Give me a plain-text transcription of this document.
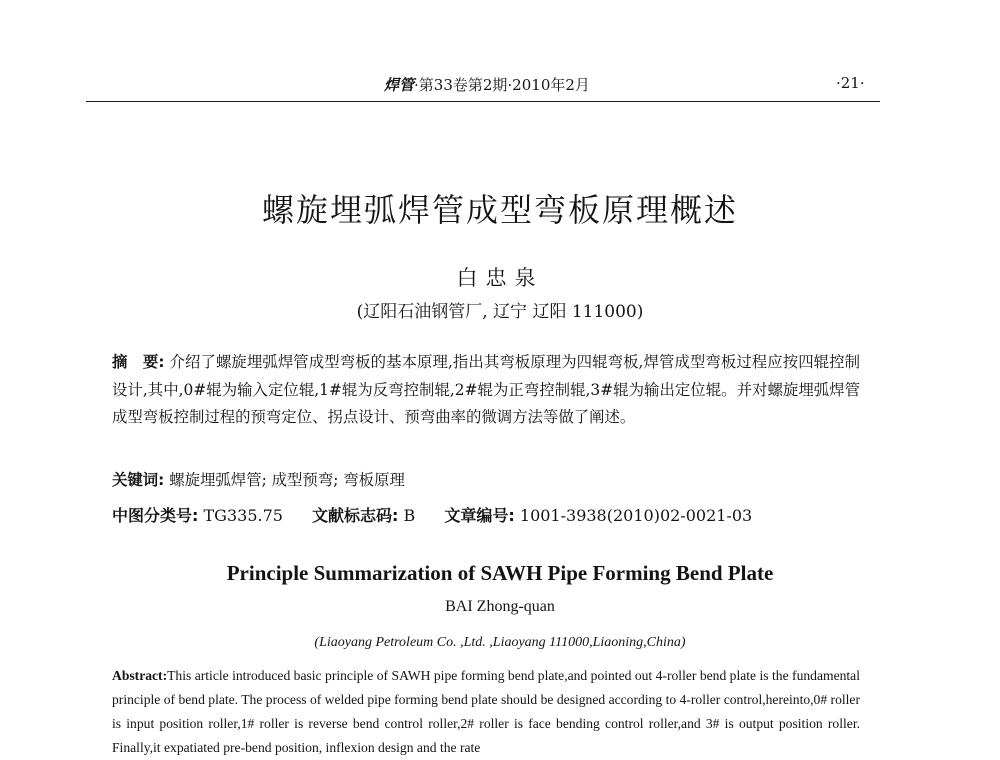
焊管·第33卷第2期·2010年2月	·21·
螺旋埋弧焊管成型弯板原理概述
白忠泉
(辽阳石油钢管厂, 辽宁 辽阳 111000)

摘　要: 介绍了螺旋埋弧焊管成型弯板的基本原理,指出其弯板原理为四辊弯板,焊管成型弯板过程应按四辊控制设计,其中,0#辊为输入定位辊,1#辊为反弯控制辊,2#辊为正弯控制辊,3#辊为输出定位辊。并对螺旋埋弧焊管成型弯板控制过程的预弯定位、拐点设计、预弯曲率的微调方法等做了阐述。

关键词: 螺旋埋弧焊管; 成型预弯; 弯板原理
中图分类号: TG335.75 文献标志码: B 文章编号: 1001-3938(2010)02-0021-03
Principle Summarization of SAWH Pipe Forming Bend Plate
BAI Zhong-quan
(Liaoyang Petroleum Co. ,Ltd. ,Liaoyang 111000,Liaoning,China)

Abstract:This article introduced basic principle of SAWH pipe forming bend plate,and pointed out 4-roller bend plate is the fundamental principle of bend plate. The process of welded pipe forming bend plate should be designed according to 4-roller control,hereinto,0# roller is input position roller,1# roller is reverse bend control roller,2# roller is face bending control roller,and 3# is output position roller. Finally,it expatiated pre-bend position, inflexion design and the rate
